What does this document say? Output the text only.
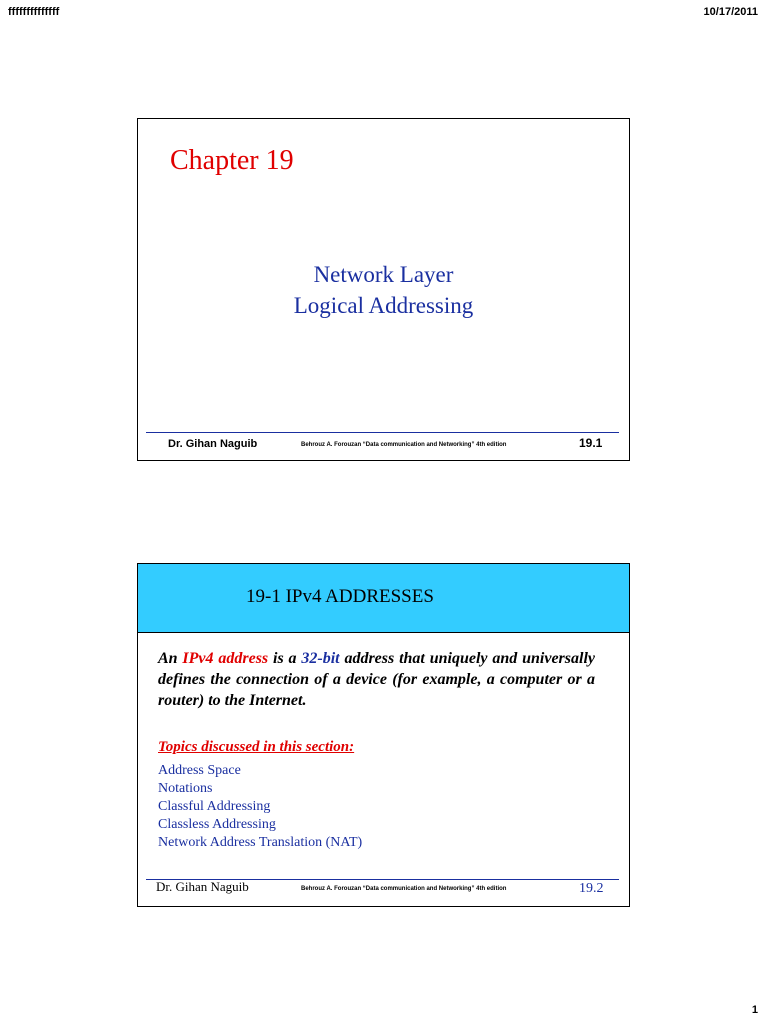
ffffffffffffff	10/17/2011
Chapter 19
Network Layer
Logical Addressing
Dr. Gihan Naguib	Behrouz A. Forouzan “Data communication and Networking” 4th edition	19.1
19-1 IPv4 ADDRESSES
An IPv4 address is a 32-bit address that uniquely and universally defines the connection of a device (for example, a computer or a router) to the Internet.
Topics discussed in this section:
Address Space
Notations
Classful Addressing
Classless Addressing
Network Address Translation (NAT)
Dr. Gihan Naguib	Behrouz A. Forouzan “Data communication and Networking” 4th edition	19.2
1
